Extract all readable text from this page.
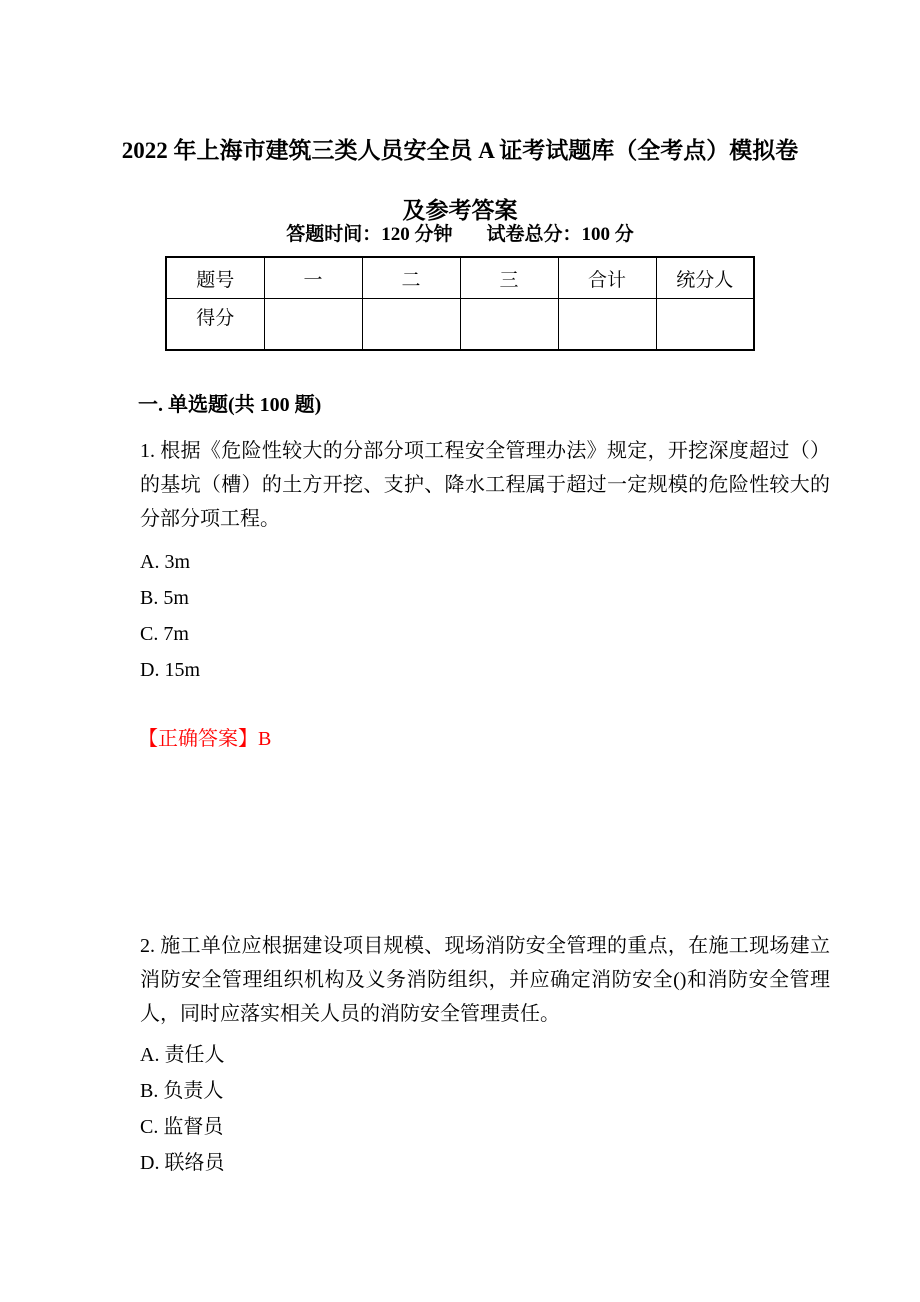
2022 年上海市建筑三类人员安全员 A 证考试题库（全考点）模拟卷
及参考答案
答题时间：120 分钟 试卷总分：100 分
题号	一	二	三	合计	统分人
得分					
一. 单选题(共 100 题)
1. 根据《危险性较大的分部分项工程安全管理办法》规定，开挖深度超过（）的基坑（槽）的土方开挖、支护、降水工程属于超过一定规模的危险性较大的分部分项工程。
A. 3m
B. 5m
C. 7m
D. 15m
【正确答案】B
2. 施工单位应根据建设项目规模、现场消防安全管理的重点，在施工现场建立消防安全管理组织机构及义务消防组织，并应确定消防安全()和消防安全管理人，同时应落实相关人员的消防安全管理责任。
A. 责任人
B. 负责人
C. 监督员
D. 联络员
